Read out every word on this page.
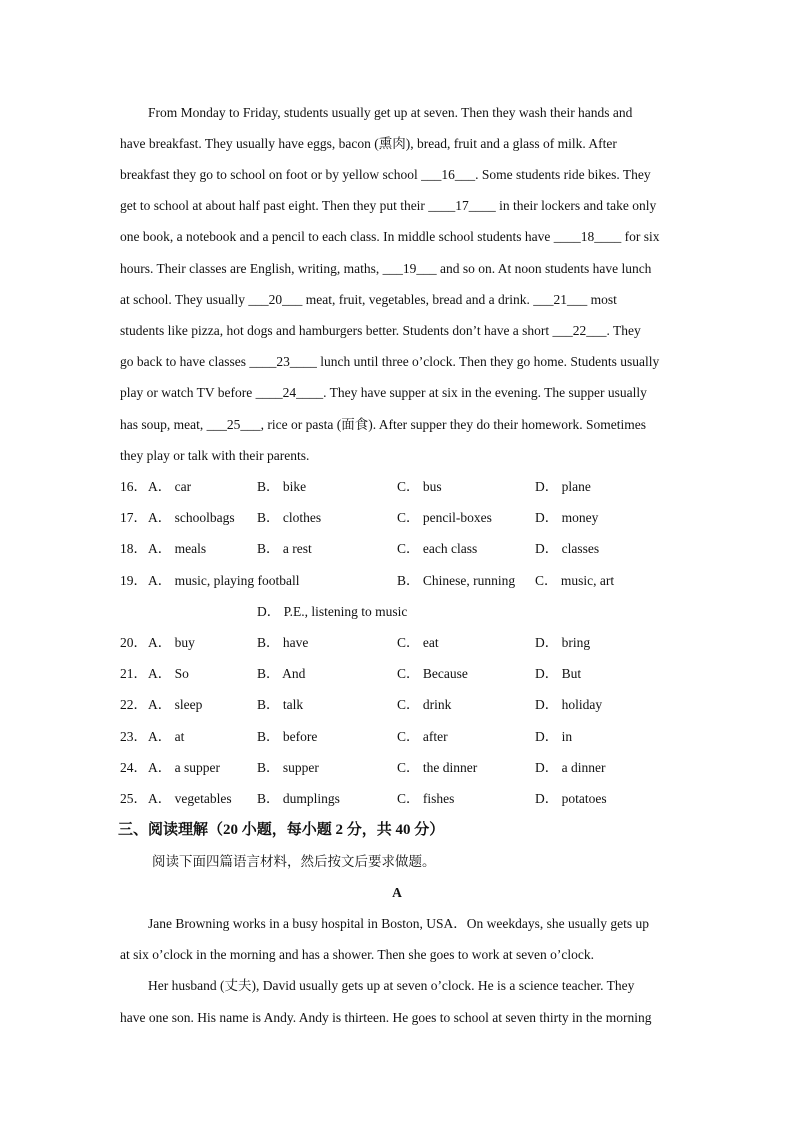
From Monday to Friday, students usually get up at seven. Then they wash their hands and
have breakfast. They usually have eggs, bacon (熏肉), bread, fruit and a glass of milk. After
breakfast they go to school on foot or by yellow school ___16___. Some students ride bikes. They
get to school at about half past eight. Then they put their ____17____ in their lockers and take only
one book, a notebook and a pencil to each class. In middle school students have ____18____ for six
hours. Their classes are English, writing, maths, ___19___ and so on. At noon students have lunch
at school. They usually ___20___ meat, fruit, vegetables, bread and a drink. ___21___ most
students like pizza, hot dogs and hamburgers better. Students don’t have a short ___22___. They
go back to have classes ____23____ lunch until three o’clock. Then they go home. Students usually
play or watch TV before ____24____. They have supper at six in the evening. The supper usually
has soup, meat, ___25___, rice or pasta (面食). After supper they do their homework. Sometimes
they play or talk with their parents.
16． A． car	B． bike	C． bus	D． plane
17． A． schoolbags B． clothes	C． pencil-boxes	D． money
18． A． meals	B． a rest	C． each class	D． classes
19． A． music, playing football	B． Chinese, running C． music, art
D． P.E., listening to music
20． A． buy	B． have	C． eat	D． bring
21． A． So	B． And	C． Because	D． But
22． A． sleep	B． talk	C． drink	D． holiday
23． A． at	B． before	C． after	D． in
24． A． a supper	B． supper	C． the dinner	D． a dinner
25． A． vegetables B． dumplings	C． fishes	D． potatoes
三、阅读理解（20 小题，每小题 2 分，共 40 分）
阅读下面四篇语言材料，然后按文后要求做题。
A
Jane Browning works in a busy hospital in Boston, USA．On weekdays, she usually gets up
at six o’clock in the morning and has a shower. Then she goes to work at seven o’clock.
Her husband (丈夫), David usually gets up at seven o’clock. He is a science teacher. They
have one son. His name is Andy. Andy is thirteen. He goes to school at seven thirty in the morning
